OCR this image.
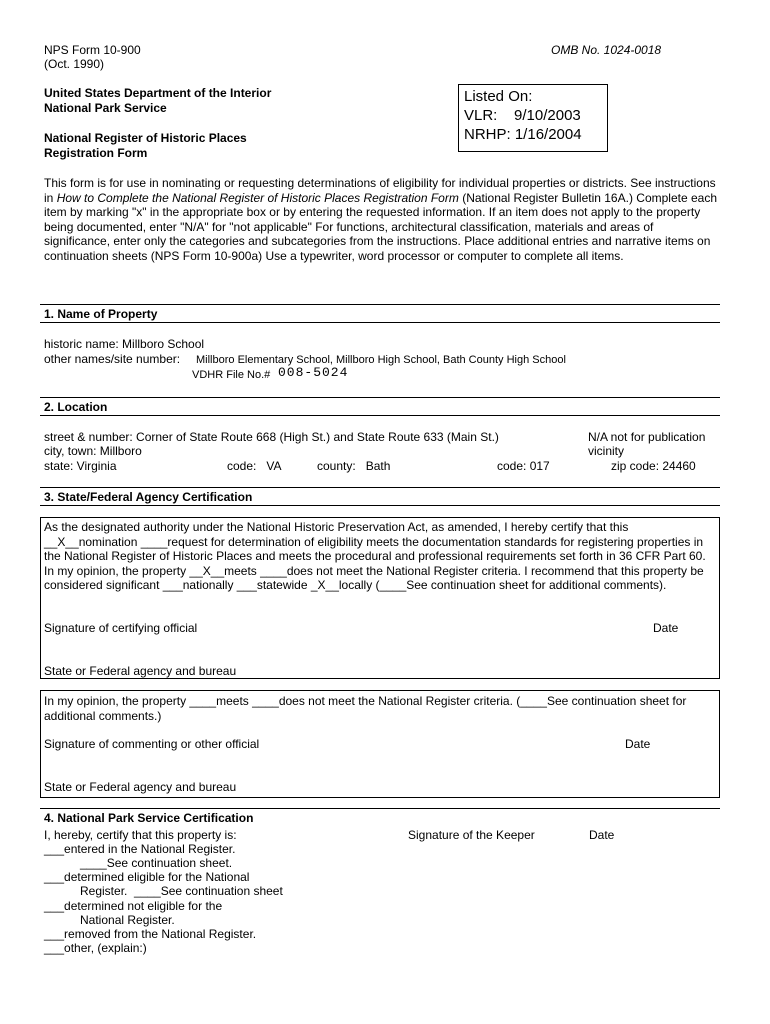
NPS Form 10-900
(Oct. 1990)
OMB No. 1024-0018
United States Department of the Interior
National Park Service
National Register of Historic Places
Registration Form
Listed On:
VLR:    9/10/2003
NRHP: 1/16/2004
This form is for use in nominating or requesting determinations of eligibility for individual properties or districts. See instructions in How to Complete the National Register of Historic Places Registration Form (National Register Bulletin 16A.) Complete each item by marking "x" in the appropriate box or by entering the requested information. If an item does not apply to the property being documented, enter "N/A" for "not applicable" For functions, architectural classification, materials and areas of significance, enter only the categories and subcategories from the instructions. Place additional entries and narrative items on continuation sheets (NPS Form 10-900a) Use a typewriter, word processor or computer to complete all items.
1. Name of Property
historic name: Millboro School
other names/site number: Millboro Elementary School, Millboro High School, Bath County High School
VDHR File No.# 008-5024
2. Location
street & number: Corner of State Route 668 (High St.) and State Route 633 (Main St.)	N/A not for publication
city, town: Millboro	vicinity
state: Virginia	code:   VA	county:   Bath	code: 017	zip code: 24460
3. State/Federal Agency Certification
As the designated authority under the National Historic Preservation Act, as amended, I hereby certify that this __X__nomination ____request for determination of eligibility meets the documentation standards for registering properties in the National Register of Historic Places and meets the procedural and professional requirements set forth in 36 CFR Part 60. In my opinion, the property __X__meets ____does not meet the National Register criteria. I recommend that this property be considered significant ___nationally ___statewide _X__locally (____See continuation sheet for additional comments).
Signature of certifying official	Date
State or Federal agency and bureau
In my opinion, the property ____meets ____does not meet the National Register criteria. (____See continuation sheet for additional comments.)
Signature of commenting or other official	Date
State or Federal agency and bureau
4. National Park Service Certification
I, hereby, certify that this property is:	Signature of the Keeper	Date
___entered in the National Register.
____See continuation sheet.
___determined eligible for the National
Register.  ____See continuation sheet
___determined not eligible for the
National Register.
___removed from the National Register.
___other, (explain:)
